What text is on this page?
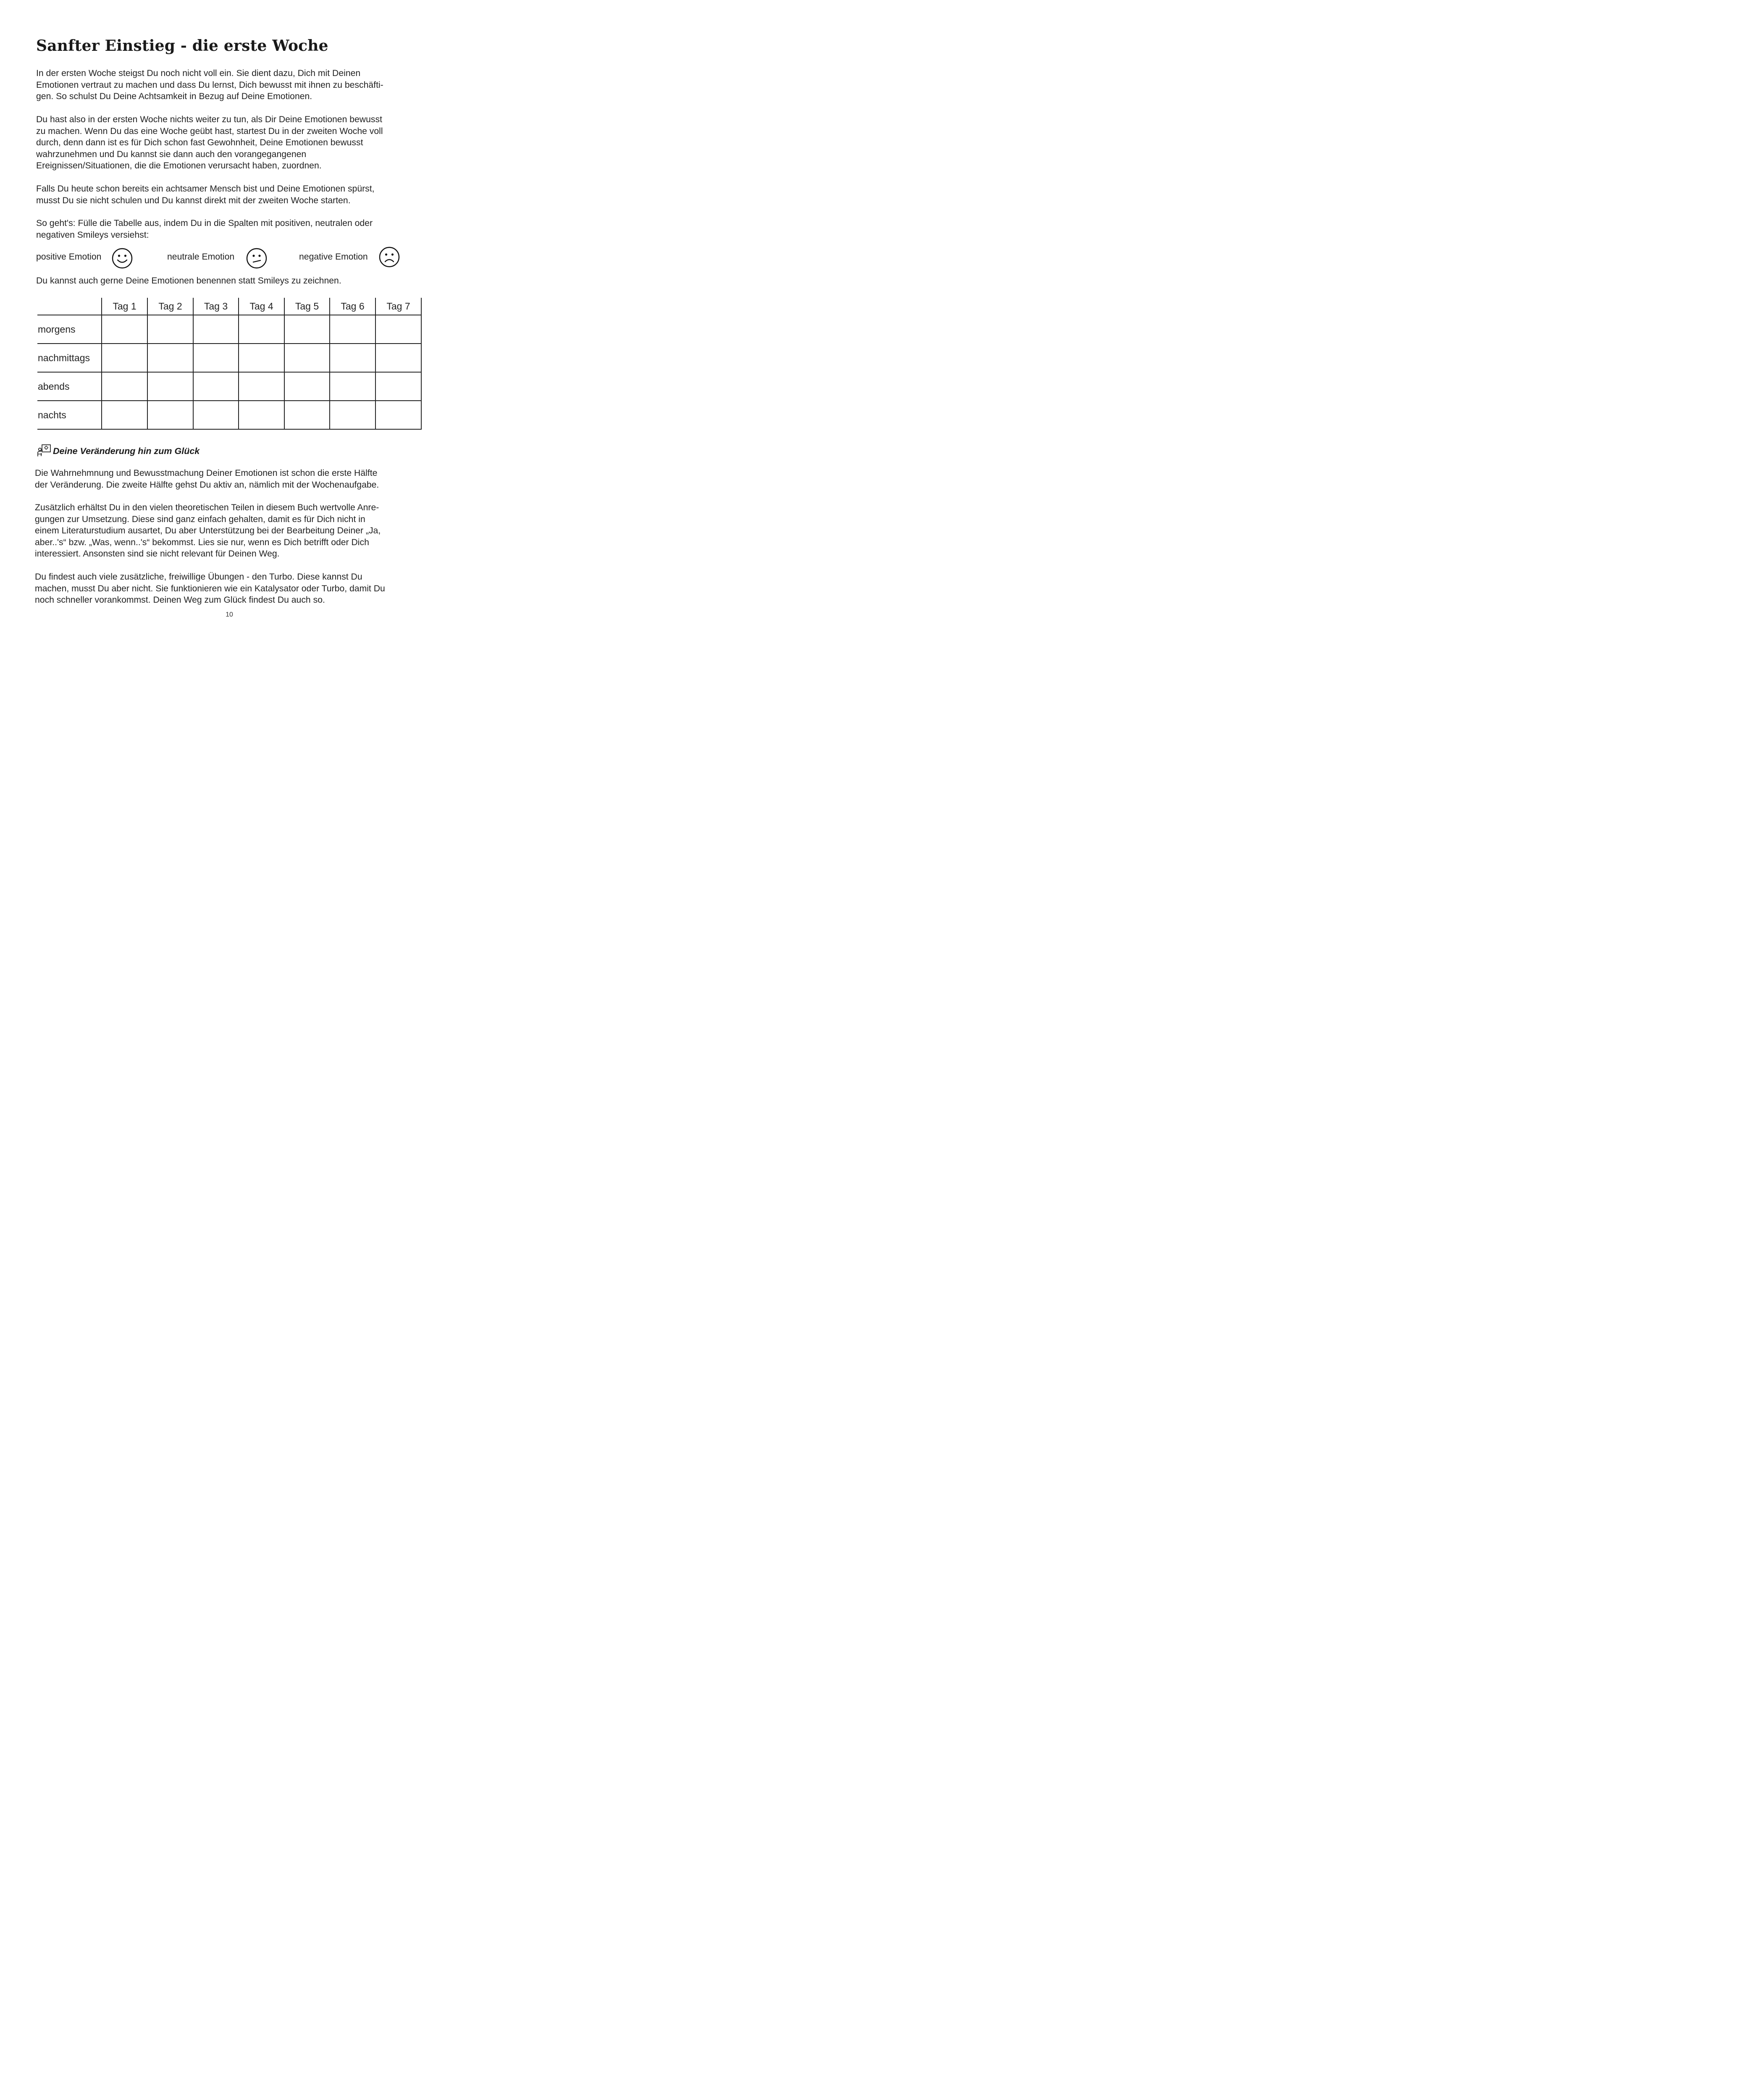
Sanfter Einstieg - die erste Woche

In der ersten Woche steigst Du noch nicht voll ein. Sie dient dazu, Dich mit Deinen
Emotionen vertraut zu machen und dass Du lernst, Dich bewusst mit ihnen zu beschäfti-
gen. So schulst Du Deine Achtsamkeit in Bezug auf Deine Emotionen.

Du hast also in der ersten Woche nichts weiter zu tun, als Dir Deine Emotionen bewusst
zu machen. Wenn Du das eine Woche geübt hast, startest Du in der zweiten Woche voll
durch, denn dann ist es für Dich schon fast Gewohnheit, Deine Emotionen bewusst
wahrzunehmen und Du kannst sie dann auch den vorangegangenen
Ereignissen/Situationen, die die Emotionen verursacht haben, zuordnen.

Falls Du heute schon bereits ein achtsamer Mensch bist und Deine Emotionen spürst,
musst Du sie nicht schulen und Du kannst direkt mit der zweiten Woche starten.

So geht's: Fülle die Tabelle aus, indem Du in die Spalten mit positiven, neutralen oder
negativen Smileys versiehst:

positive Emotion	neutrale Emotion	negative Emotion

Du kannst auch gerne Deine Emotionen benennen statt Smileys zu zeichnen.

	Tag 1	Tag 2	Tag 3	Tag 4	Tag 5	Tag 6	Tag 7
morgens							
nachmittags							
abends							
nachts							
Deine Veränderung hin zum Glück

Die Wahrnehmnung und Bewusstmachung Deiner Emotionen ist schon die erste Hälfte
der Veränderung. Die zweite Hälfte gehst Du aktiv an, nämlich mit der Wochenaufgabe.

Zusätzlich erhältst Du in den vielen theoretischen Teilen in diesem Buch wertvolle Anre-
gungen zur Umsetzung. Diese sind ganz einfach gehalten, damit es für Dich nicht in
einem Literaturstudium ausartet, Du aber Unterstützung bei der Bearbeitung Deiner „Ja,
aber..'s“ bzw. „Was, wenn..'s“ bekommst. Lies sie nur, wenn es Dich betrifft oder Dich
interessiert. Ansonsten sind sie nicht relevant für Deinen Weg.

Du findest auch viele zusätzliche, freiwillige Übungen - den Turbo. Diese kannst Du
machen, musst Du aber nicht. Sie funktionieren wie ein Katalysator oder Turbo, damit Du
noch schneller vorankommst. Deinen Weg zum Glück findest Du auch so.

10
